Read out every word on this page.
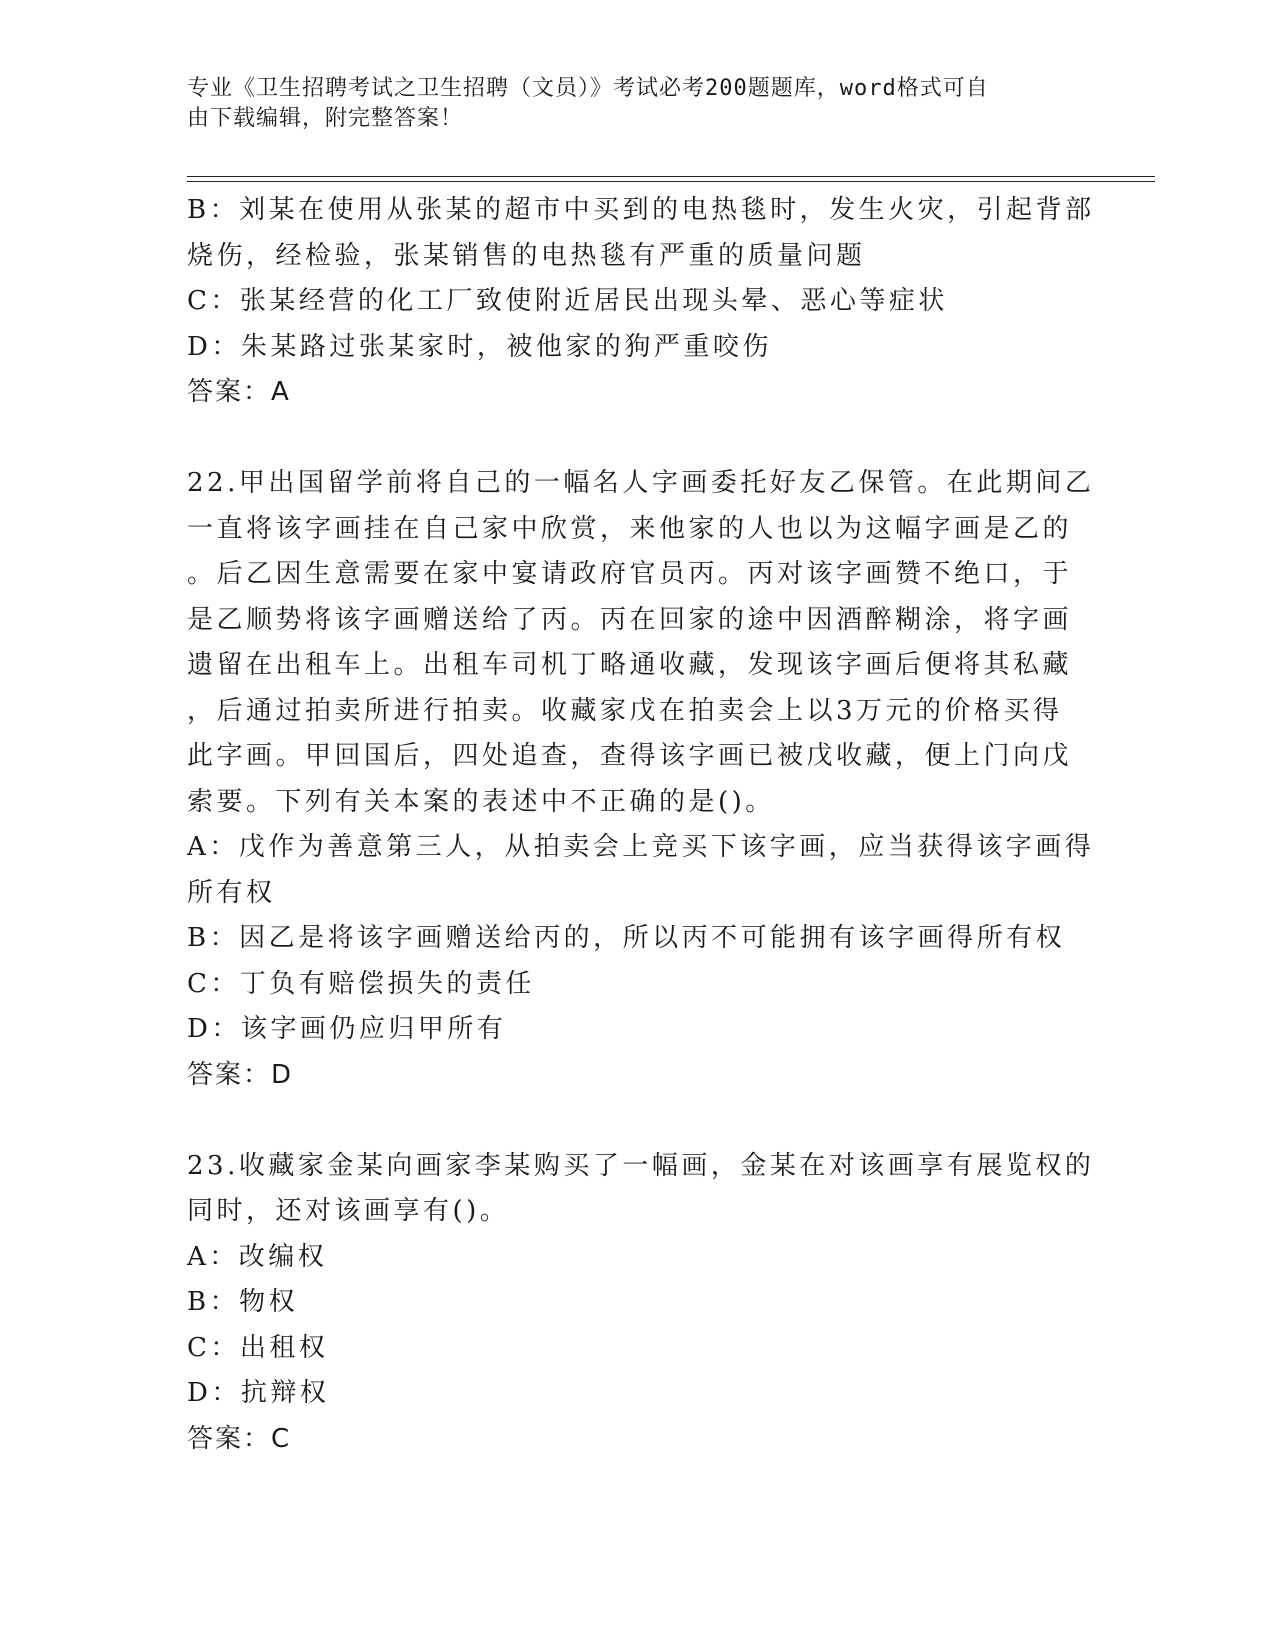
专业《卫生招聘考试之卫生招聘（文员）》考试必考200题题库，word格式可自
由下载编辑，附完整答案！
B：刘某在使用从张某的超市中买到的电热毯时，发生火灾，引起背部
烧伤，经检验，张某销售的电热毯有严重的质量问题
C：张某经营的化工厂致使附近居民出现头晕、恶心等症状
D：朱某路过张某家时，被他家的狗严重咬伤
答案：A
22.甲出国留学前将自己的一幅名人字画委托好友乙保管。在此期间乙
一直将该字画挂在自己家中欣赏，来他家的人也以为这幅字画是乙的
。后乙因生意需要在家中宴请政府官员丙。丙对该字画赞不绝口，于
是乙顺势将该字画赠送给了丙。丙在回家的途中因酒醉糊涂，将字画
遗留在出租车上。出租车司机丁略通收藏，发现该字画后便将其私藏
，后通过拍卖所进行拍卖。收藏家戊在拍卖会上以3万元的价格买得
此字画。甲回国后，四处追查，查得该字画已被戊收藏，便上门向戊
索要。下列有关本案的表述中不正确的是()。
A：戊作为善意第三人，从拍卖会上竞买下该字画，应当获得该字画得
所有权
B：因乙是将该字画赠送给丙的，所以丙不可能拥有该字画得所有权
C：丁负有赔偿损失的责任
D：该字画仍应归甲所有
答案：D
23.收藏家金某向画家李某购买了一幅画，金某在对该画享有展览权的
同时，还对该画享有()。
A：改编权
B：物权
C：出租权
D：抗辩权
答案：C
